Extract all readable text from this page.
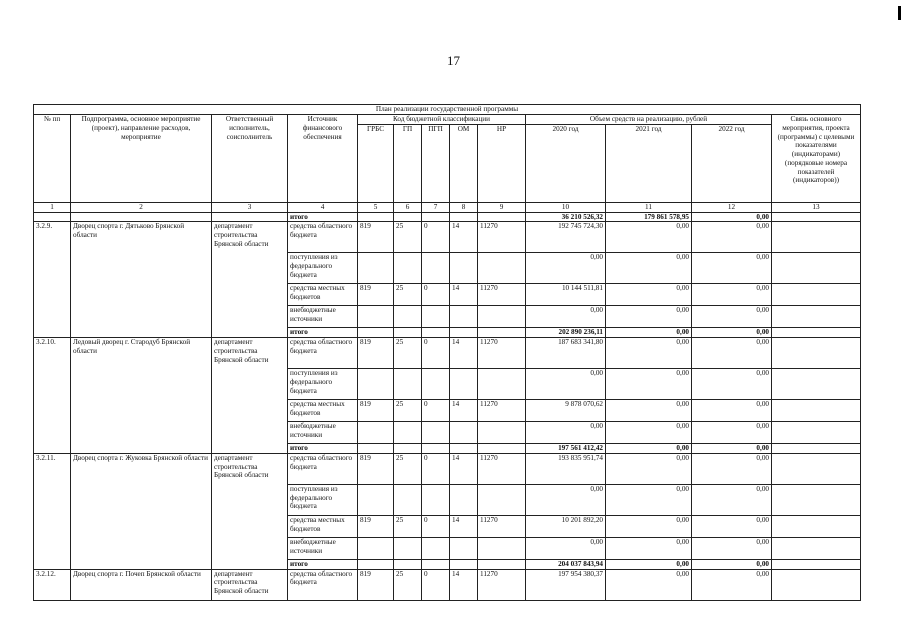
17
План реализации государственной программы												
№ пп	Подпрограмма, основное мероприятие (проект), направление расходов, мероприятие	Ответственный исполнитель, соисполнитель	Источник финансового обеспечения	Код бюджетной классификации					Объем средств на реализацию, рублей			Связь основного мероприятия, проекта (программы) с целевыми показателями (индикаторами) (порядковые номера показателей (индикаторов))
				ГРБС	ГП	ПГП	ОМ	НР	2020 год	2021 год	2022 год	
1	2	3	4	5	6	7	8	9	10	11	12	13
			итого						36 210 526,32	179 861 578,95	0,00	
3.2.9.	Дворец спорта г. Дятьково Брянской области	департамент строительства Брянской области	средства областного бюджета	819	25	0	14	11270	192 745 724,30	0,00	0,00	
			поступления из федерального бюджета						0,00	0,00	0,00	
			средства местных бюджетов	819	25	0	14	11270	10 144 511,81	0,00	0,00	
			внебюджетные источники						0,00	0,00	0,00	
			итого						202 890 236,11	0,00	0,00	
3.2.10.	Ледовый дворец г. Стародуб Брянской области	департамент строительства Брянской области	средства областного бюджета	819	25	0	14	11270	187 683 341,80	0,00	0,00	
			поступления из федерального бюджета						0,00	0,00	0,00	
			средства местных бюджетов	819	25	0	14	11270	9 878 070,62	0,00	0,00	
			внебюджетные источники						0,00	0,00	0,00	
			итого						197 561 412,42	0,00	0,00	
3.2.11.	Дворец спорта г. Жуковка Брянской области	департамент строительства Брянской области	средства областного бюджета	819	25	0	14	11270	193 835 951,74	0,00	0,00	
			поступления из федерального бюджета						0,00	0,00	0,00	
			средства местных бюджетов	819	25	0	14	11270	10 201 892,20	0,00	0,00	
			внебюджетные источники						0,00	0,00	0,00	
			итого						204 037 843,94	0,00	0,00	
3.2.12.	Дворец спорта г. Почеп Брянской области	департамент строительства Брянской области	средства областного бюджета	819	25	0	14	11270	197 954 380,37	0,00	0,00	
